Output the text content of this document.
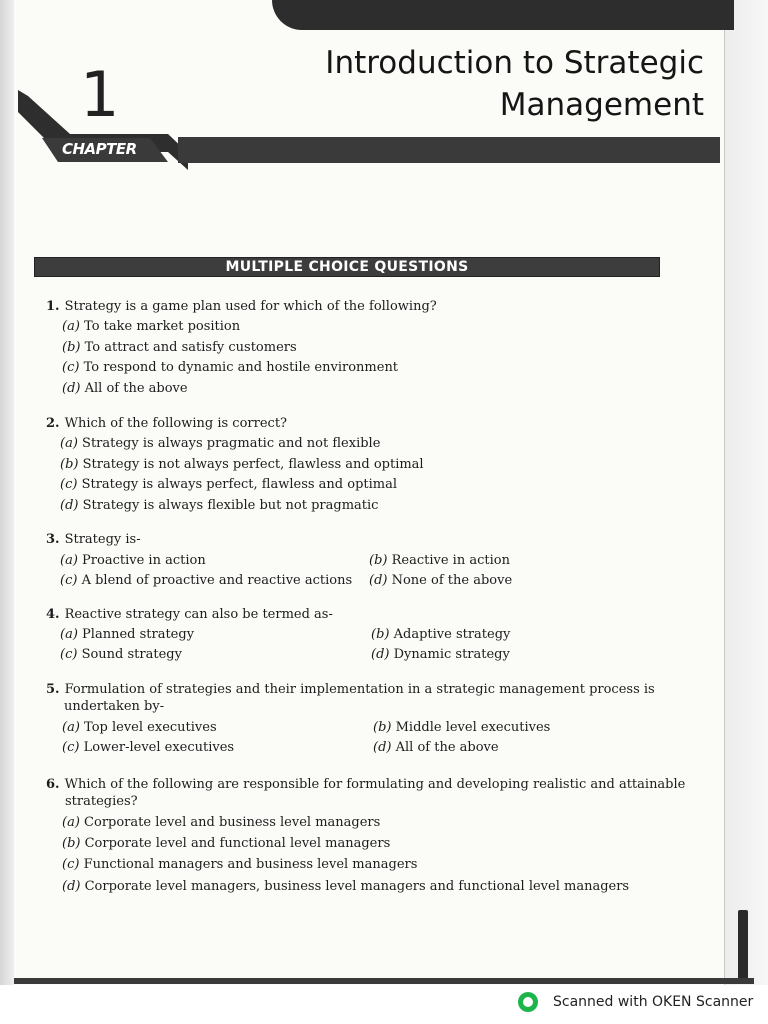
Introduction to Strategic
Management
1
CHAPTER
MULTIPLE CHOICE QUESTIONS
1. Strategy is a game plan used for which of the following?
(a) To take market position
(b) To attract and satisfy customers
(c) To respond to dynamic and hostile environment
(d) All of the above
2. Which of the following is correct?
(a) Strategy is always pragmatic and not flexible
(b) Strategy is not always perfect, flawless and optimal
(c) Strategy is always perfect, flawless and optimal
(d) Strategy is always flexible but not pragmatic
3. Strategy is-
(a) Proactive in action	(b) Reactive in action
(c) A blend of proactive and reactive actions (d) None of the above
4. Reactive strategy can also be termed as-
(a) Planned strategy	(b) Adaptive strategy
(c) Sound strategy	(d) Dynamic strategy
5. Formulation of strategies and their implementation in a strategic management process is
undertaken by-
(a) Top level executives	(b) Middle level executives
(c) Lower-level executives	(d) All of the above
6. Which of the following are responsible for formulating and developing realistic and attainable
strategies?
(a) Corporate level and business level managers
(b) Corporate level and functional level managers
(c) Functional managers and business level managers
(d) Corporate level managers, business level managers and functional level managers
Scanned with OKEN Scanner
